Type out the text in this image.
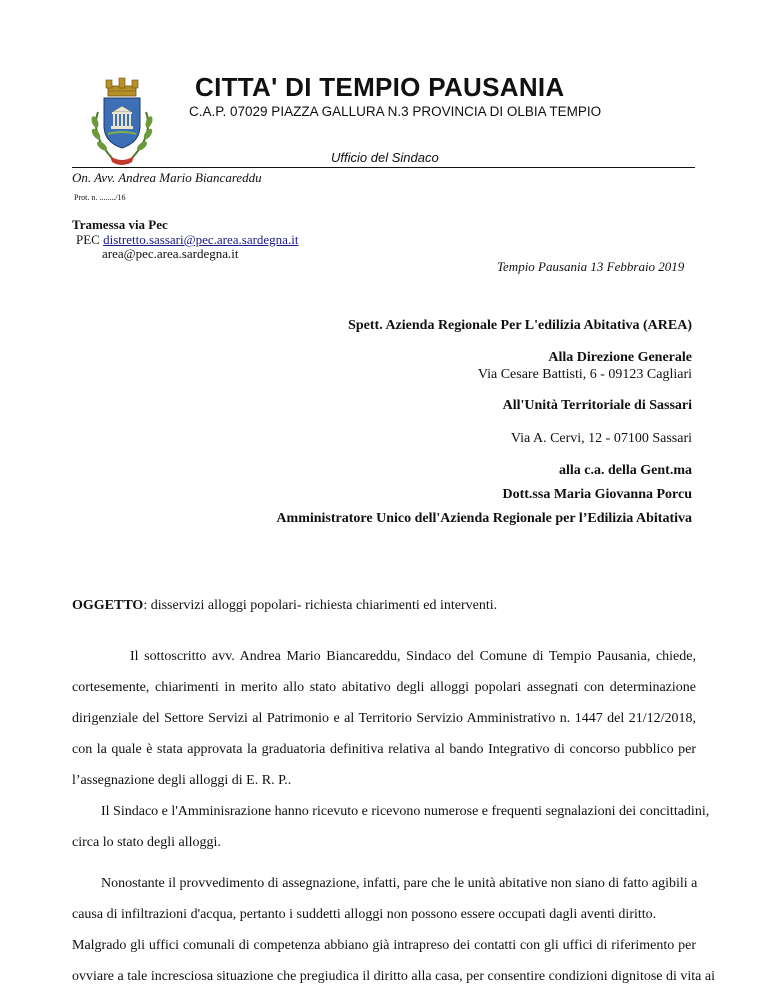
CITTA' DI TEMPIO PAUSANIA
C.A.P. 07029 PIAZZA GALLURA N.3 PROVINCIA DI OLBIA TEMPIO
Ufficio del Sindaco
On. Avv. Andrea Mario Biancareddu
Prot. n. ......../16
Tramessa via Pec
PEC distretto.sassari@pec.area.sardegna.it
area@pec.area.sardegna.it
Tempio Pausania 13 Febbraio 2019
Spett. Azienda Regionale Per L'edilizia Abitativa (AREA)
Alla Direzione Generale
Via Cesare Battisti, 6 - 09123 Cagliari
All'Unità Territoriale di Sassari
Via A. Cervi, 12 - 07100 Sassari
alla c.a. della Gent.ma
Dott.ssa Maria Giovanna Porcu
Amministratore Unico dell'Azienda Regionale per l’Edilizia Abitativa
OGGETTO: disservizi alloggi popolari- richiesta chiarimenti ed interventi.
Il sottoscritto avv. Andrea Mario Biancareddu, Sindaco del Comune di Tempio Pausania, chiede,
cortesemente, chiarimenti in merito allo stato abitativo degli alloggi popolari assegnati con determinazione
dirigenziale del Settore Servizi al Patrimonio e al Territorio Servizio Amministrativo n. 1447 del 21/12/2018,
con la quale è stata approvata la graduatoria definitiva relativa al bando Integrativo di concorso pubblico per
l’assegnazione degli alloggi di E. R. P..
Il Sindaco e l'Amminisrazione hanno ricevuto e ricevono numerose e frequenti segnalazioni dei concittadini,
circa lo stato degli alloggi.
Nonostante il provvedimento di assegnazione, infatti, pare che le unità abitative non siano di fatto agibili a
causa di infiltrazioni d'acqua, pertanto i suddetti alloggi non possono essere occupati dagli aventi diritto.
Malgrado gli uffici comunali di competenza abbiano già intrapreso dei contatti con gli uffici di riferimento per
ovviare a tale incresciosa situazione che pregiudica il diritto alla casa, per consentire condizioni dignitose di vita ai
